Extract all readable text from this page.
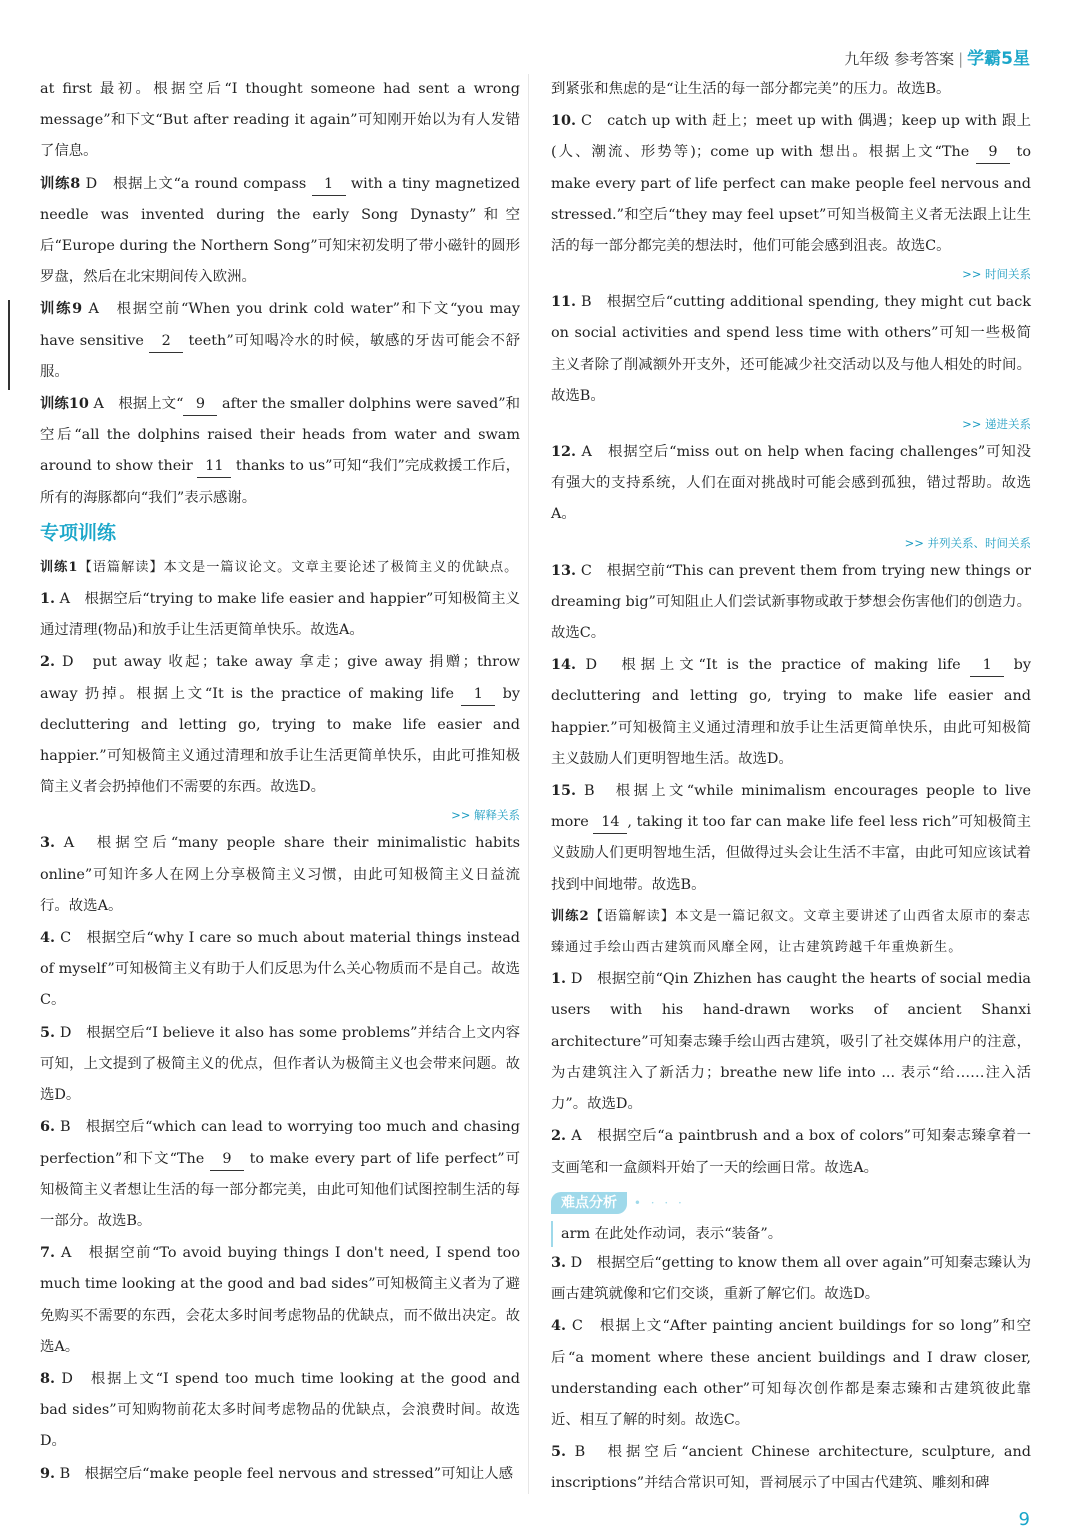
九年级 参考答案 | 学霸5星

at first 最初。根据空后“I thought someone had sent a wrong message”和下文“But after reading it again”可知刚开始以为有人发错了信息。

训练8 D　根据上文“a round compass 1 with a tiny magnetized needle was invented during the early Song Dynasty”和空后“Europe during the Northern Song”可知宋初发明了带小磁针的圆形罗盘，然后在北宋期间传入欧洲。

训练9 A　根据空前“When you drink cold water”和下文“you may have sensitive 2 teeth”可知喝冷水的时候，敏感的牙齿可能会不舒服。

训练10 A　根据上文“ 9 after the smaller dolphins were saved”和空后“all the dolphins raised their heads from water and swam around to show their 11 thanks to us”可知“我们”完成救援工作后，所有的海豚都向“我们”表示感谢。

专项训练

训练1【语篇解读】本文是一篇议论文。文章主要论述了极简主义的优缺点。

1. A　根据空后“trying to make life easier and happier”可知极简主义通过清理(物品)和放手让生活更简单快乐。故选A。

2. D　put away 收起；take away 拿走；give away 捐赠；throw away 扔掉。根据上文“It is the practice of making life 1 by decluttering and letting go, trying to make life easier and happier.”可知极简主义通过清理和放手让生活更简单快乐，由此可推知极简主义者会扔掉他们不需要的东西。故选D。

>> 解释关系

3. A　根据空后“many people share their minimalistic habits online”可知许多人在网上分享极简主义习惯，由此可知极简主义日益流行。故选A。

4. C　根据空后“why I care so much about material things instead of myself”可知极简主义有助于人们反思为什么关心物质而不是自己。故选C。

5. D　根据空后“I believe it also has some problems”并结合上文内容可知，上文提到了极简主义的优点，但作者认为极简主义也会带来问题。故选D。

6. B　根据空后“which can lead to worrying too much and chasing perfection”和下文“The 9 to make every part of life perfect”可知极简主义者想让生活的每一部分都完美，由此可知他们试图控制生活的每一部分。故选B。

7. A　根据空前“To avoid buying things I don't need, I spend too much time looking at the good and bad sides”可知极简主义者为了避免购买不需要的东西，会花太多时间考虑物品的优缺点，而不做出决定。故选A。

8. D　根据上文“I spend too much time looking at the good and bad sides”可知购物前花太多时间考虑物品的优缺点，会浪费时间。故选D。

9. B　根据空后“make people feel nervous and stressed”可知让人感

到紧张和焦虑的是“让生活的每一部分都完美”的压力。故选B。

10. C　catch up with 赶上；meet up with 偶遇；keep up with 跟上(人、潮流、形势等)；come up with 想出。根据上文“The 9 to make every part of life perfect can make people feel nervous and stressed.”和空后“they may feel upset”可知当极简主义者无法跟上让生活的每一部分都完美的想法时，他们可能会感到沮丧。故选C。

>> 时间关系

11. B　根据空后“cutting additional spending, they might cut back on social activities and spend less time with others”可知一些极简主义者除了削减额外开支外，还可能减少社交活动以及与他人相处的时间。故选B。

>> 递进关系

12. A　根据空后“miss out on help when facing challenges”可知没有强大的支持系统，人们在面对挑战时可能会感到孤独，错过帮助。故选A。

>> 并列关系、时间关系

13. C　根据空前“This can prevent them from trying new things or dreaming big”可知阻止人们尝试新事物或敢于梦想会伤害他们的创造力。故选C。

14. D　根据上文“It is the practice of making life 1 by decluttering and letting go, trying to make life easier and happier.”可知极简主义通过清理和放手让生活更简单快乐，由此可知极简主义鼓励人们更明智地生活。故选D。

15. B　根据上文“while minimalism encourages people to live more 14 , taking it too far can make life feel less rich”可知极简主义鼓励人们更明智地生活，但做得过头会让生活不丰富，由此可知应该试着找到中间地带。故选B。

训练2【语篇解读】本文是一篇记叙文。文章主要讲述了山西省太原市的秦志臻通过手绘山西古建筑而风靡全网，让古建筑跨越千年重焕新生。

1. D　根据空前“Qin Zhizhen has caught the hearts of social media users with his hand-drawn works of ancient Shanxi architecture”可知秦志臻手绘山西古建筑，吸引了社交媒体用户的注意，为古建筑注入了新活力；breathe new life into ... 表示“给……注入活力”。故选D。

2. A　根据空后“a paintbrush and a box of colors”可知秦志臻拿着一支画笔和一盒颜料开始了一天的绘画日常。故选A。

难点分析 • · · ·
arm 在此处作动词，表示“装备”。

3. D　根据空后“getting to know them all over again”可知秦志臻认为画古建筑就像和它们交谈，重新了解它们。故选D。

4. C　根据上文“After painting ancient buildings for so long”和空后“a moment where these ancient buildings and I draw closer, understanding each other”可知每次创作都是秦志臻和古建筑彼此靠近、相互了解的时刻。故选C。

5. B　根据空后“ancient Chinese architecture, sculpture, and inscriptions”并结合常识可知，晋祠展示了中国古代建筑、雕刻和碑

9
